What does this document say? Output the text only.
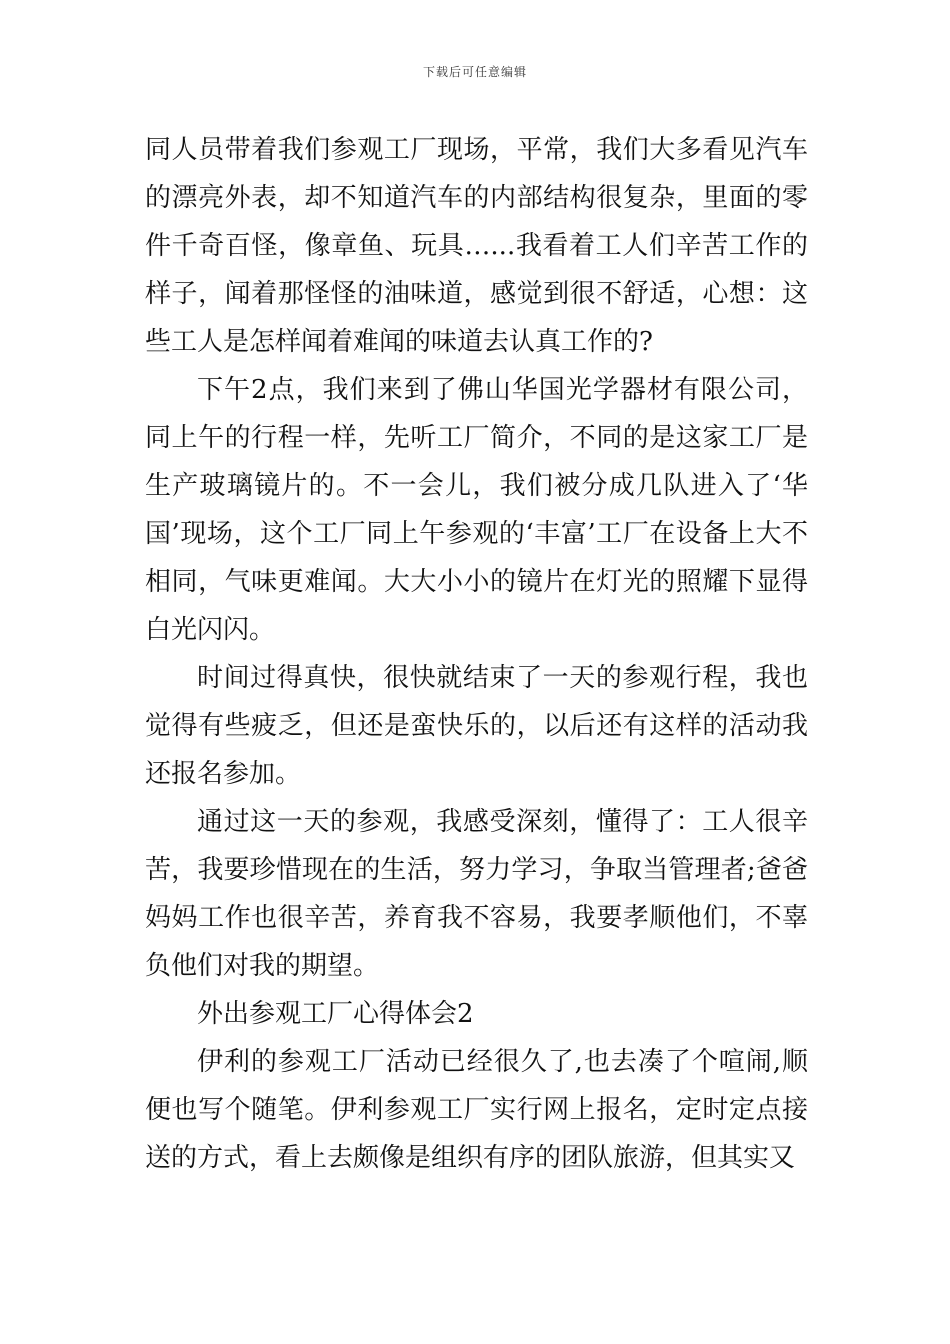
下载后可任意编辑

同人员带着我们参观工厂现场，平常，我们大多看见汽车的漂亮外表，却不知道汽车的内部结构很复杂，里面的零件千奇百怪，像章鱼、玩具…...我看着工人们辛苦工作的样子，闻着那怪怪的油味道，感觉到很不舒适，心想：这些工人是怎样闻着难闻的味道去认真工作的?

下午2点，我们来到了佛山华国光学器材有限公司，同上午的行程一样，先听工厂简介，不同的是这家工厂是生产玻璃镜片的。不一会儿，我们被分成几队进入了‘华国’现场，这个工厂同上午参观的‘丰富’工厂在设备上大不相同，气味更难闻。大大小小的镜片在灯光的照耀下显得白光闪闪。

时间过得真快，很快就结束了一天的参观行程，我也觉得有些疲乏，但还是蛮快乐的，以后还有这样的活动我还报名参加。

通过这一天的参观，我感受深刻，懂得了：工人很辛苦，我要珍惜现在的生活，努力学习，争取当管理者;爸爸妈妈工作也很辛苦，养育我不容易，我要孝顺他们，不辜负他们对我的期望。

外出参观工厂心得体会2

伊利的参观工厂活动已经很久了,也去凑了个喧闹,顺便也写个随笔。伊利参观工厂实行网上报名，定时定点接送的方式，看上去颇像是组织有序的团队旅游，但其实又
